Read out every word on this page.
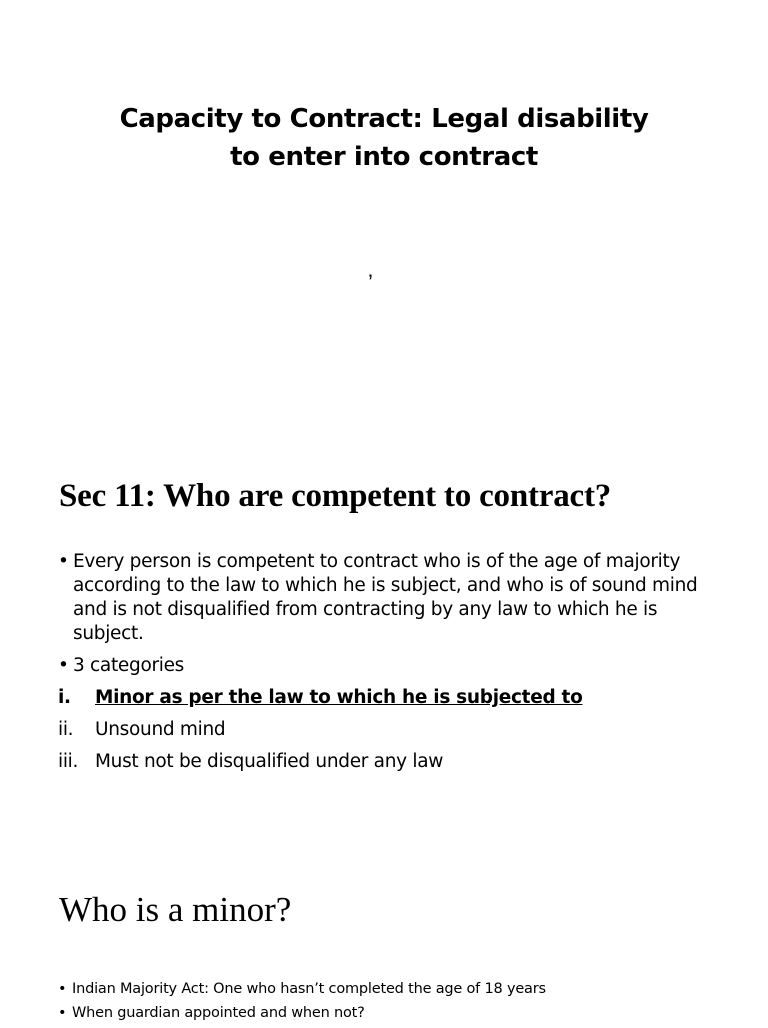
Capacity to Contract: Legal disability
to enter into contract
’
Sec 11: Who are competent to contract?
• Every person is competent to contract who is of the age of majority according to the law to which he is subject, and who is of sound mind and is not disqualified from contracting by any law to which he is subject.
• 3 categories
i. Minor as per the law to which he is subjected to
ii. Unsound mind
iii. Must not be disqualified under any law
Who is a minor?
• Indian Majority Act: One who hasn’t completed the age of 18 years
• When guardian appointed and when not?
